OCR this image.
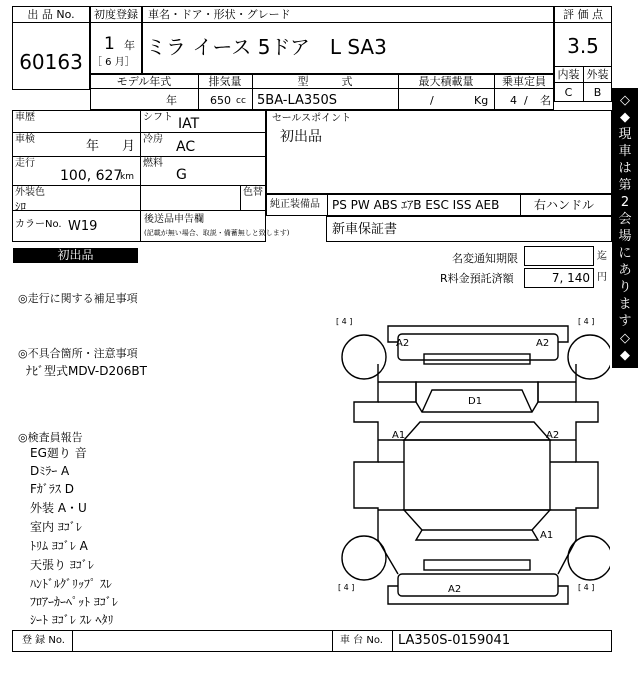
出 品 No.
60163
初度登録
1 年
［ 6 月］
車名・ドア・形状・グレード
ミラ イース 5ドア　L SA3
評 価 点
3.5
内装 外装
C	B
モデル年式
年
排気量
650 cc
型　　　式
5BA-LA350S
最大積載量
/	Kg
乗車定員
4 / 名
車歴	シフト IAT
車検	年 月 冷房 AC
走行
100, 627
km
燃料
G
外装色
ｼﾛ
色替
カラーNo. W19	後送品申告欄
(記載が無い場合、取説・備蓄無しと致します)
セールスポイント
初出品
純正装備品 PS PW ABS ｴｱB ESC ISS AEB	右ハンドル
新車保証書
初出品	名変通知期限	迄
R料金預託済額	7, 140 円
◎走行に関する補足事項
◎不具合箇所・注意事項
ﾅﾋﾞ型式MDV-D206BT
◎検査員報告
EG廻り 音
Dﾐﾗｰ A
Fｶﾞﾗｽ D
外装 A・U
室内 ﾖｺﾞﾚ
ﾄﾘﾑ ﾖｺﾞﾚ A
天張り ﾖｺﾞﾚ
ﾊﾝﾄﾞﾙｸﾞﾘｯﾌﾟ ｽﾚ
ﾌﾛｱｰｶｰﾍﾟｯﾄ ﾖｺﾞﾚ
ｼｰﾄ ﾖｺﾞﾚ ｽﾚ ﾍﾀﾘ
A2	A2
D1
A1	A2
A1
A2
[ 4 ]	[ 4 ]
[ 4 ]	[ 4 ]
登 録 No.	車 台 No. LA350S-0159041
◇
◆
現
車
は
第
2
会
場
に
あ
り
ま
す
◇
◆
